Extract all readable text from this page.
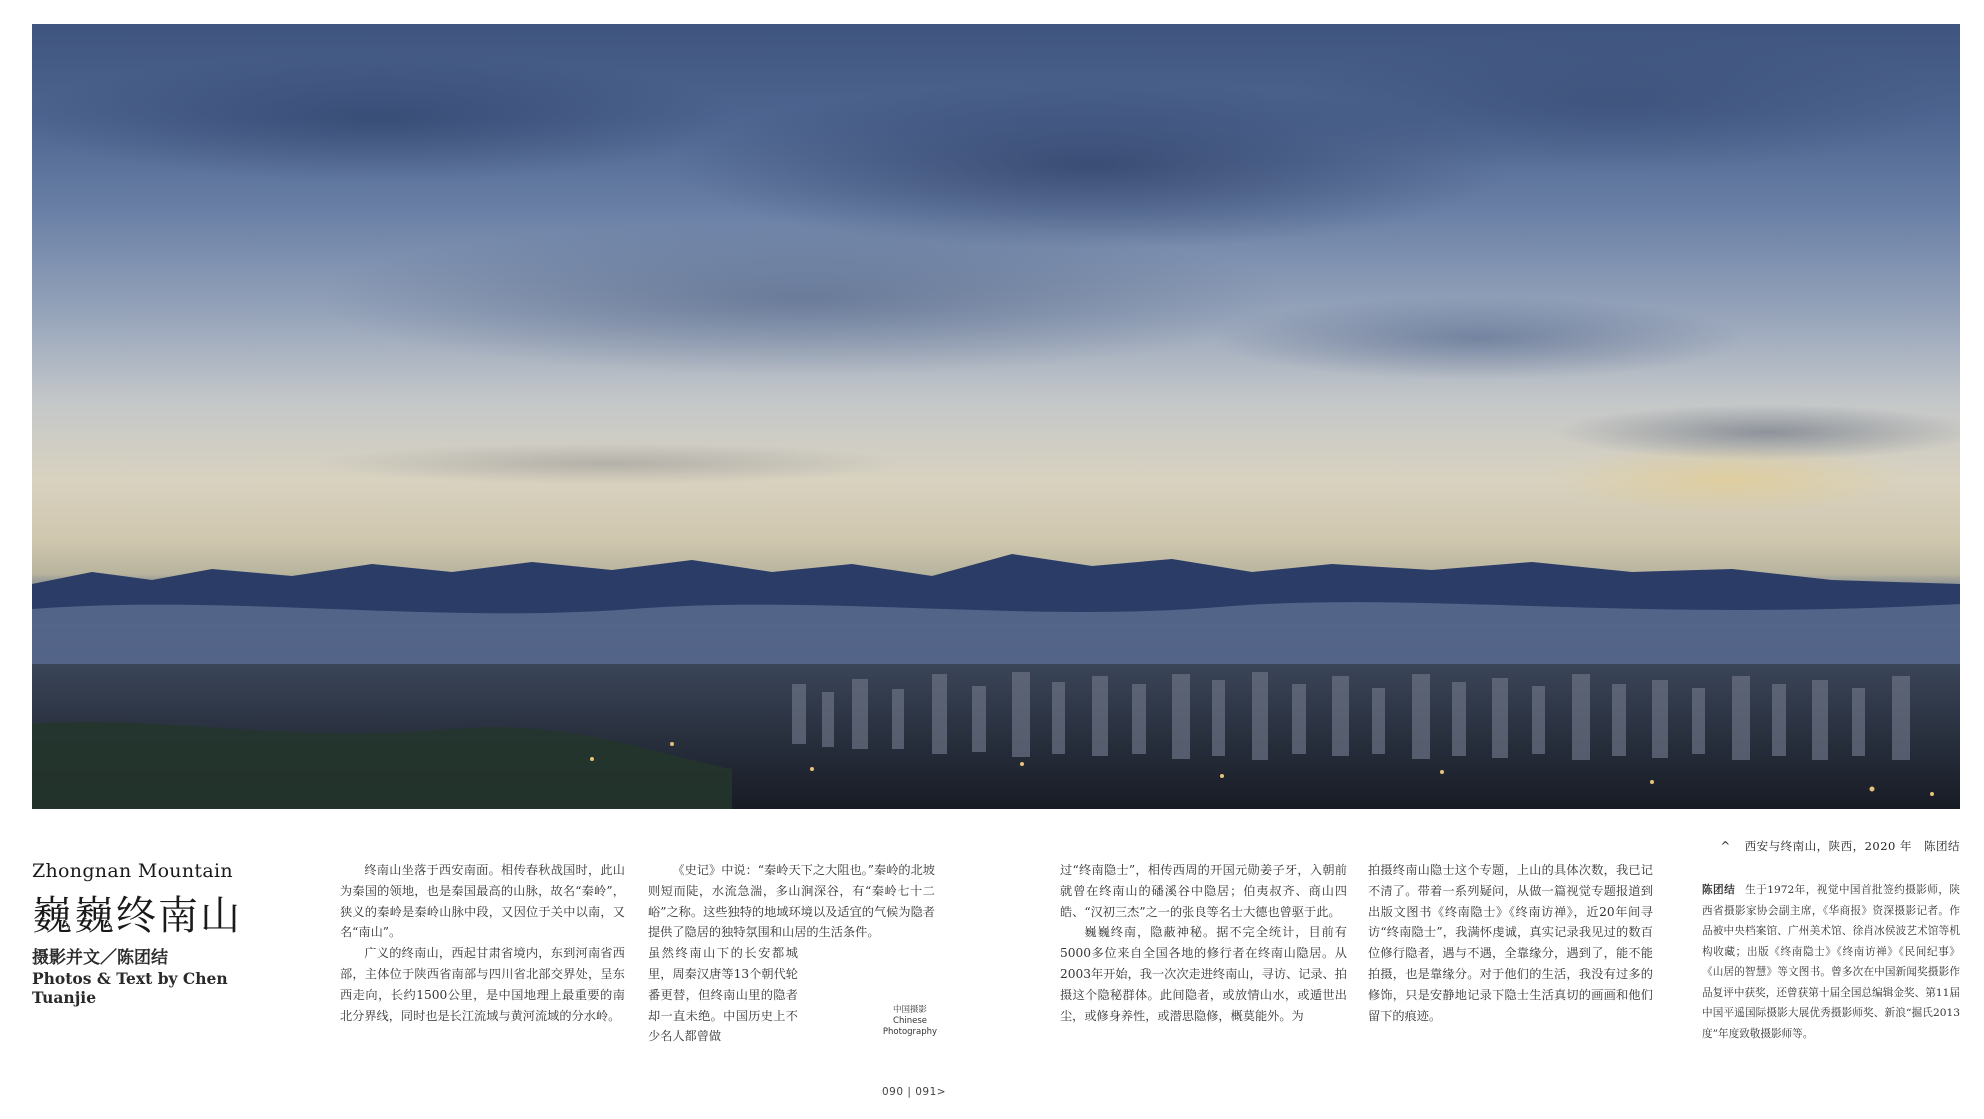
^ 西安与终南山，陕西，2020 年　陈团结
Zhongnan Mountain
巍巍终南山
摄影并文／陈团结
Photos & Text by Chen Tuanjie

终南山坐落于西安南面。相传春秋战国时，此山为秦国的领地，也是秦国最高的山脉，故名“秦岭”，狭义的秦岭是秦岭山脉中段，又因位于关中以南，又名“南山”。

广义的终南山，西起甘肃省境内，东到河南省西部，主体位于陕西省南部与四川省北部交界处，呈东西走向，长约1500公里，是中国地理上最重要的南北分界线，同时也是长江流域与黄河流域的分水岭。

《史记》中说：“秦岭天下之大阻也。”秦岭的北坡则短而陡，水流急湍，多山涧深谷，有“秦岭七十二峪”之称。这些独特的地域环境以及适宜的气候为隐者提供了隐居的独特氛围和山居的生活条件。

虽然终南山下的长安都城里，周秦汉唐等13个朝代轮番更替，但终南山里的隐者却一直未绝。中国历史上不少名人都曾做

中国摄影
Chinese
Photography

过“终南隐士”，相传西周的开国元勋姜子牙，入朝前就曾在终南山的磻溪谷中隐居；伯夷叔齐、商山四皓、“汉初三杰”之一的张良等名士大德也曾驱于此。

巍巍终南，隐蔽神秘。据不完全统计，目前有5000多位来自全国各地的修行者在终南山隐居。从2003年开始，我一次次走进终南山，寻访、记录、拍摄这个隐秘群体。此间隐者，或放情山水，或遁世出尘，或修身养性，或潜思隐修，概莫能外。为

拍摄终南山隐士这个专题，上山的具体次数，我已记不清了。带着一系列疑问，从做一篇视觉专题报道到出版文图书《终南隐士》《终南访禅》，近20年间寻访“终南隐士”，我满怀虔诚，真实记录我见过的数百位修行隐者，遇与不遇，全靠缘分，遇到了，能不能拍摄，也是靠缘分。对于他们的生活，我没有过多的修饰，只是安静地记录下隐士生活真切的画画和他们留下的痕迹。

陈团结 生于1972年，视觉中国首批签约摄影师，陕西省摄影家协会副主席，《华商报》资深摄影记者。作品被中央档案馆、广州美术馆、徐肖冰侯波艺术馆等机构收藏；出版《终南隐士》《终南访禅》《民间纪事》《山居的智慧》等文图书。曾多次在中国新闻奖摄影作品复评中获奖，还曾获第十届全国总编辑金奖、第11届中国平遥国际摄影大展优秀摄影师奖、新浪“掘氏2013度”年度致敬摄影师等。
090 | 091>
